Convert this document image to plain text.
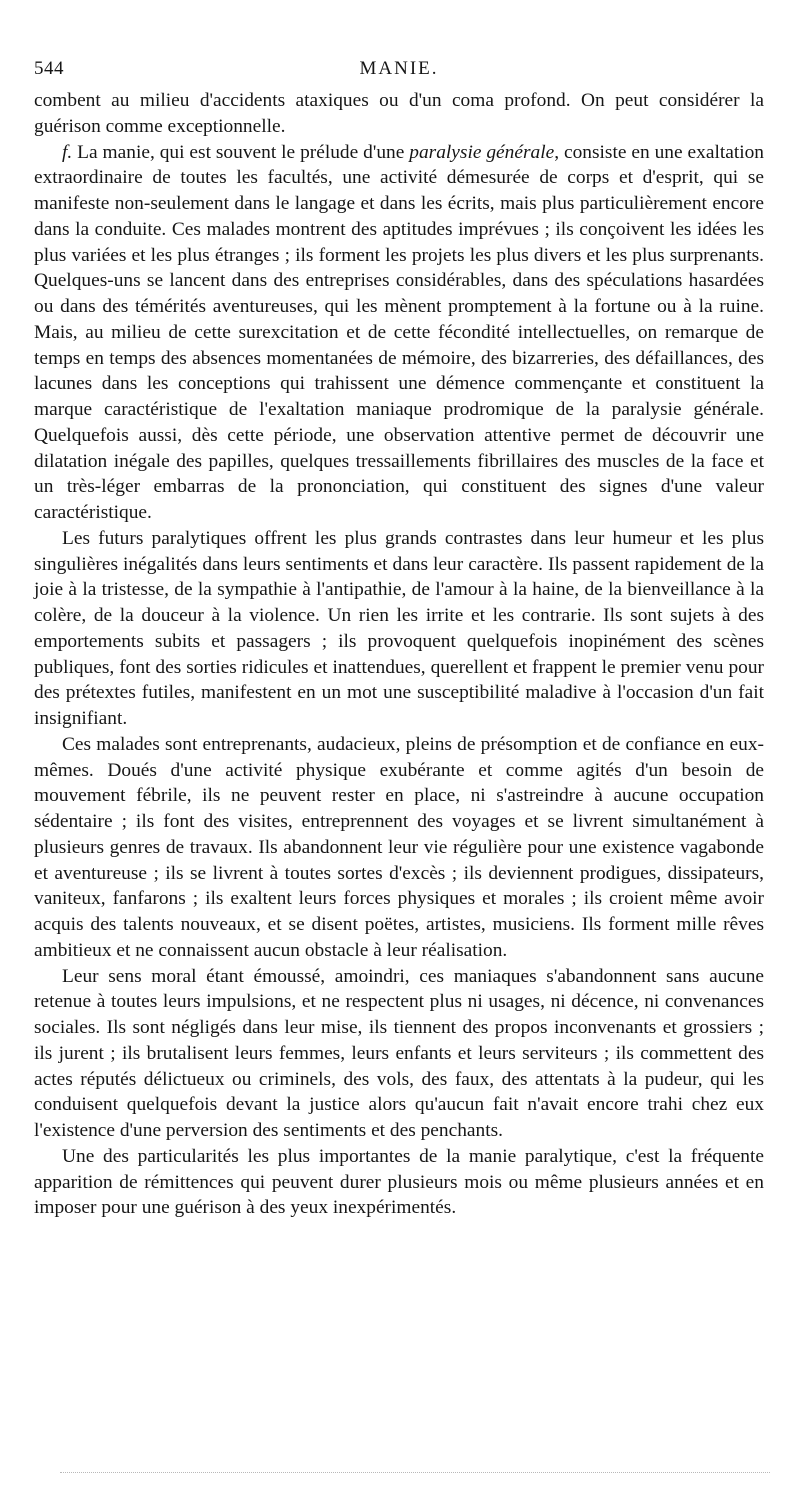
544	MANIE.

combent au milieu d'accidents ataxiques ou d'un coma profond. On peut considérer la guérison comme exceptionnelle.

f. La manie, qui est souvent le prélude d'une paralysie générale, consiste en une exaltation extraordinaire de toutes les facultés, une activité démesurée de corps et d'esprit, qui se manifeste non-seulement dans le langage et dans les écrits, mais plus particulièrement encore dans la conduite. Ces malades montrent des aptitudes imprévues ; ils conçoivent les idées les plus variées et les plus étranges ; ils forment les projets les plus divers et les plus surprenants. Quelques-uns se lancent dans des entreprises considérables, dans des spéculations hasardées ou dans des témérités aventureuses, qui les mènent promptement à la fortune ou à la ruine. Mais, au milieu de cette surexcitation et de cette fécondité intellectuelles, on remarque de temps en temps des absences momentanées de mémoire, des bizarreries, des défaillances, des lacunes dans les conceptions qui trahissent une démence commençante et constituent la marque caractéristique de l'exaltation maniaque prodromique de la paralysie générale. Quelquefois aussi, dès cette période, une observation attentive permet de découvrir une dilatation inégale des papilles, quelques tressaillements fibrillaires des muscles de la face et un très-léger embarras de la prononciation, qui constituent des signes d'une valeur caractéristique.

Les futurs paralytiques offrent les plus grands contrastes dans leur humeur et les plus singulières inégalités dans leurs sentiments et dans leur caractère. Ils passent rapidement de la joie à la tristesse, de la sympathie à l'antipathie, de l'amour à la haine, de la bienveillance à la colère, de la douceur à la violence. Un rien les irrite et les contrarie. Ils sont sujets à des emportements subits et passagers ; ils provoquent quelquefois inopinément des scènes publiques, font des sorties ridicules et inattendues, querellent et frappent le premier venu pour des prétextes futiles, manifestent en un mot une susceptibilité maladive à l'occasion d'un fait insignifiant.

Ces malades sont entreprenants, audacieux, pleins de présomption et de confiance en eux-mêmes. Doués d'une activité physique exubérante et comme agités d'un besoin de mouvement fébrile, ils ne peuvent rester en place, ni s'astreindre à aucune occupation sédentaire ; ils font des visites, entreprennent des voyages et se livrent simultanément à plusieurs genres de travaux. Ils abandonnent leur vie régulière pour une existence vagabonde et aventureuse ; ils se livrent à toutes sortes d'excès ; ils deviennent prodigues, dissipateurs, vaniteux, fanfarons ; ils exaltent leurs forces physiques et morales ; ils croient même avoir acquis des talents nouveaux, et se disent poëtes, artistes, musiciens. Ils forment mille rêves ambitieux et ne connaissent aucun obstacle à leur réalisation.

Leur sens moral étant émoussé, amoindri, ces maniaques s'abandonnent sans aucune retenue à toutes leurs impulsions, et ne respectent plus ni usages, ni décence, ni convenances sociales. Ils sont négligés dans leur mise, ils tiennent des propos inconvenants et grossiers ; ils jurent ; ils brutalisent leurs femmes, leurs enfants et leurs serviteurs ; ils commettent des actes réputés délictueux ou criminels, des vols, des faux, des attentats à la pudeur, qui les conduisent quelquefois devant la justice alors qu'aucun fait n'avait encore trahi chez eux l'existence d'une perversion des sentiments et des penchants.

Une des particularités les plus importantes de la manie paralytique, c'est la fréquente apparition de rémittences qui peuvent durer plusieurs mois ou même plusieurs années et en imposer pour une guérison à des yeux inexpérimentés.
